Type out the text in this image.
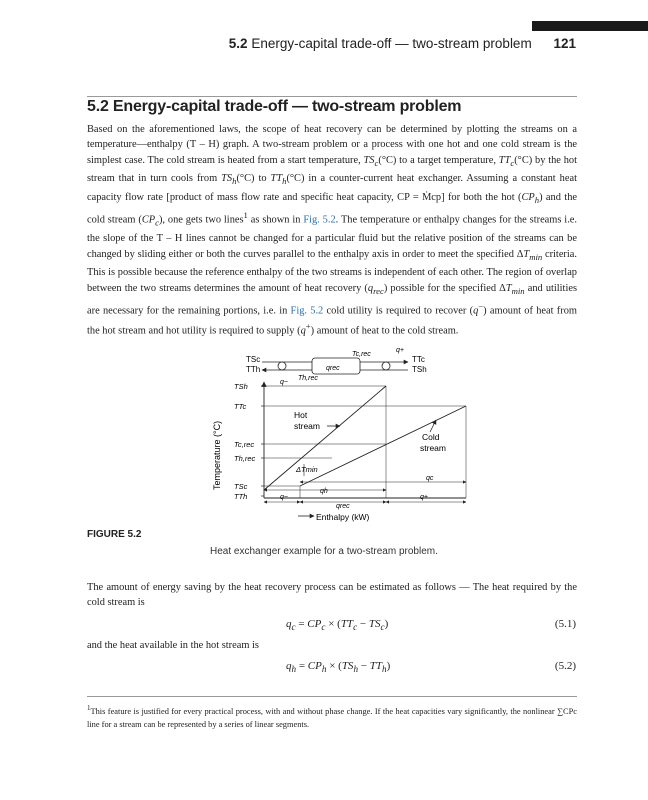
5.2 Energy-capital trade-off — two-stream problem 121
5.2 Energy-capital trade-off — two-stream problem

Based on the aforementioned laws, the scope of heat recovery can be determined by plotting the streams on a temperature—enthalpy (T – H) graph. A two-stream problem or a process with one hot and one cold stream is the simplest case. The cold stream is heated from a start temperature, $TS_c(^\circ C)$ to a target temperature, $TT_c(^\circ C)$ by the hot stream that in turn cools from $TS_h(^\circ C)$ to $TT_h(^\circ C)$ in a counter-current heat exchanger. Assuming a constant heat capacity flow rate [product of mass flow rate and specific heat capacity, CP = Ṁcp] for both the hot $(CP_h)$ and the cold stream $(CP_c)$, one gets two lines$^1$ as shown in Fig. 5.2. The temperature or enthalpy changes for the streams i.e. the slope of the T – H lines cannot be changed for a particular fluid but the relative position of the streams can be changed by sliding either or both the curves parallel to the enthalpy axis in order to meet the specified $\Delta T_{min}$ criteria. This is possible because the reference enthalpy of the two streams is independent of each other. The region of overlap between the two streams determines the amount of heat recovery $(q_{rec})$ possible for the specified $\Delta T_{min}$ and utilities are necessary for the remaining portions, i.e. in Fig. 5.2 cold utility is required to recover (q−) amount of heat from the hot stream and hot utility is required to supply (q+) amount of heat to the cold stream.

TSc
TTh
TTc
TSh
qrec
Th,rec
Tc,rec
q−
q+
Temperature (°C)
TSh
TTc
Tc,rec
Th,rec
TSc
TTh
Enthalpy (kW)
Hot
stream
Cold
stream
ΔTmin
q−
qh
qrec
qc
q+
FIGURE 5.2
Heat exchanger example for a two-stream problem.

The amount of energy saving by the heat recovery process can be estimated as follows — The heat required by the cold stream is

$q_c = CP_c \times (TT_c - TS_c)$	(5.1)

and the heat available in the hot stream is

$q_h = CP_h \times (TS_h - TT_h)$	(5.2)

$^1$This feature is justified for every practical process, with and without phase change. If the heat capacities vary significantly, the nonlinear ∑CPc line for a stream can be represented by a series of linear segments.
